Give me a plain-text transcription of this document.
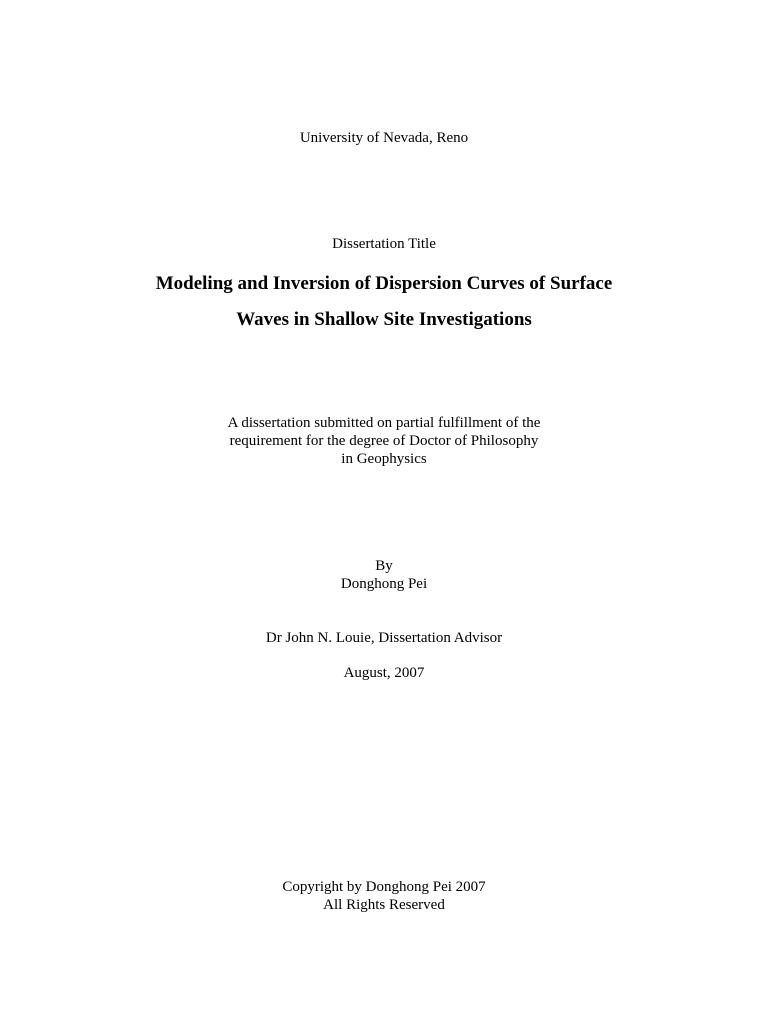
University of Nevada, Reno
Dissertation Title
Modeling and Inversion of Dispersion Curves of Surface
Waves in Shallow Site Investigations
A dissertation submitted on partial fulfillment of the
requirement for the degree of Doctor of Philosophy
in Geophysics
By
Donghong Pei
Dr John N. Louie, Dissertation Advisor
August, 2007
Copyright by Donghong Pei 2007
All Rights Reserved
